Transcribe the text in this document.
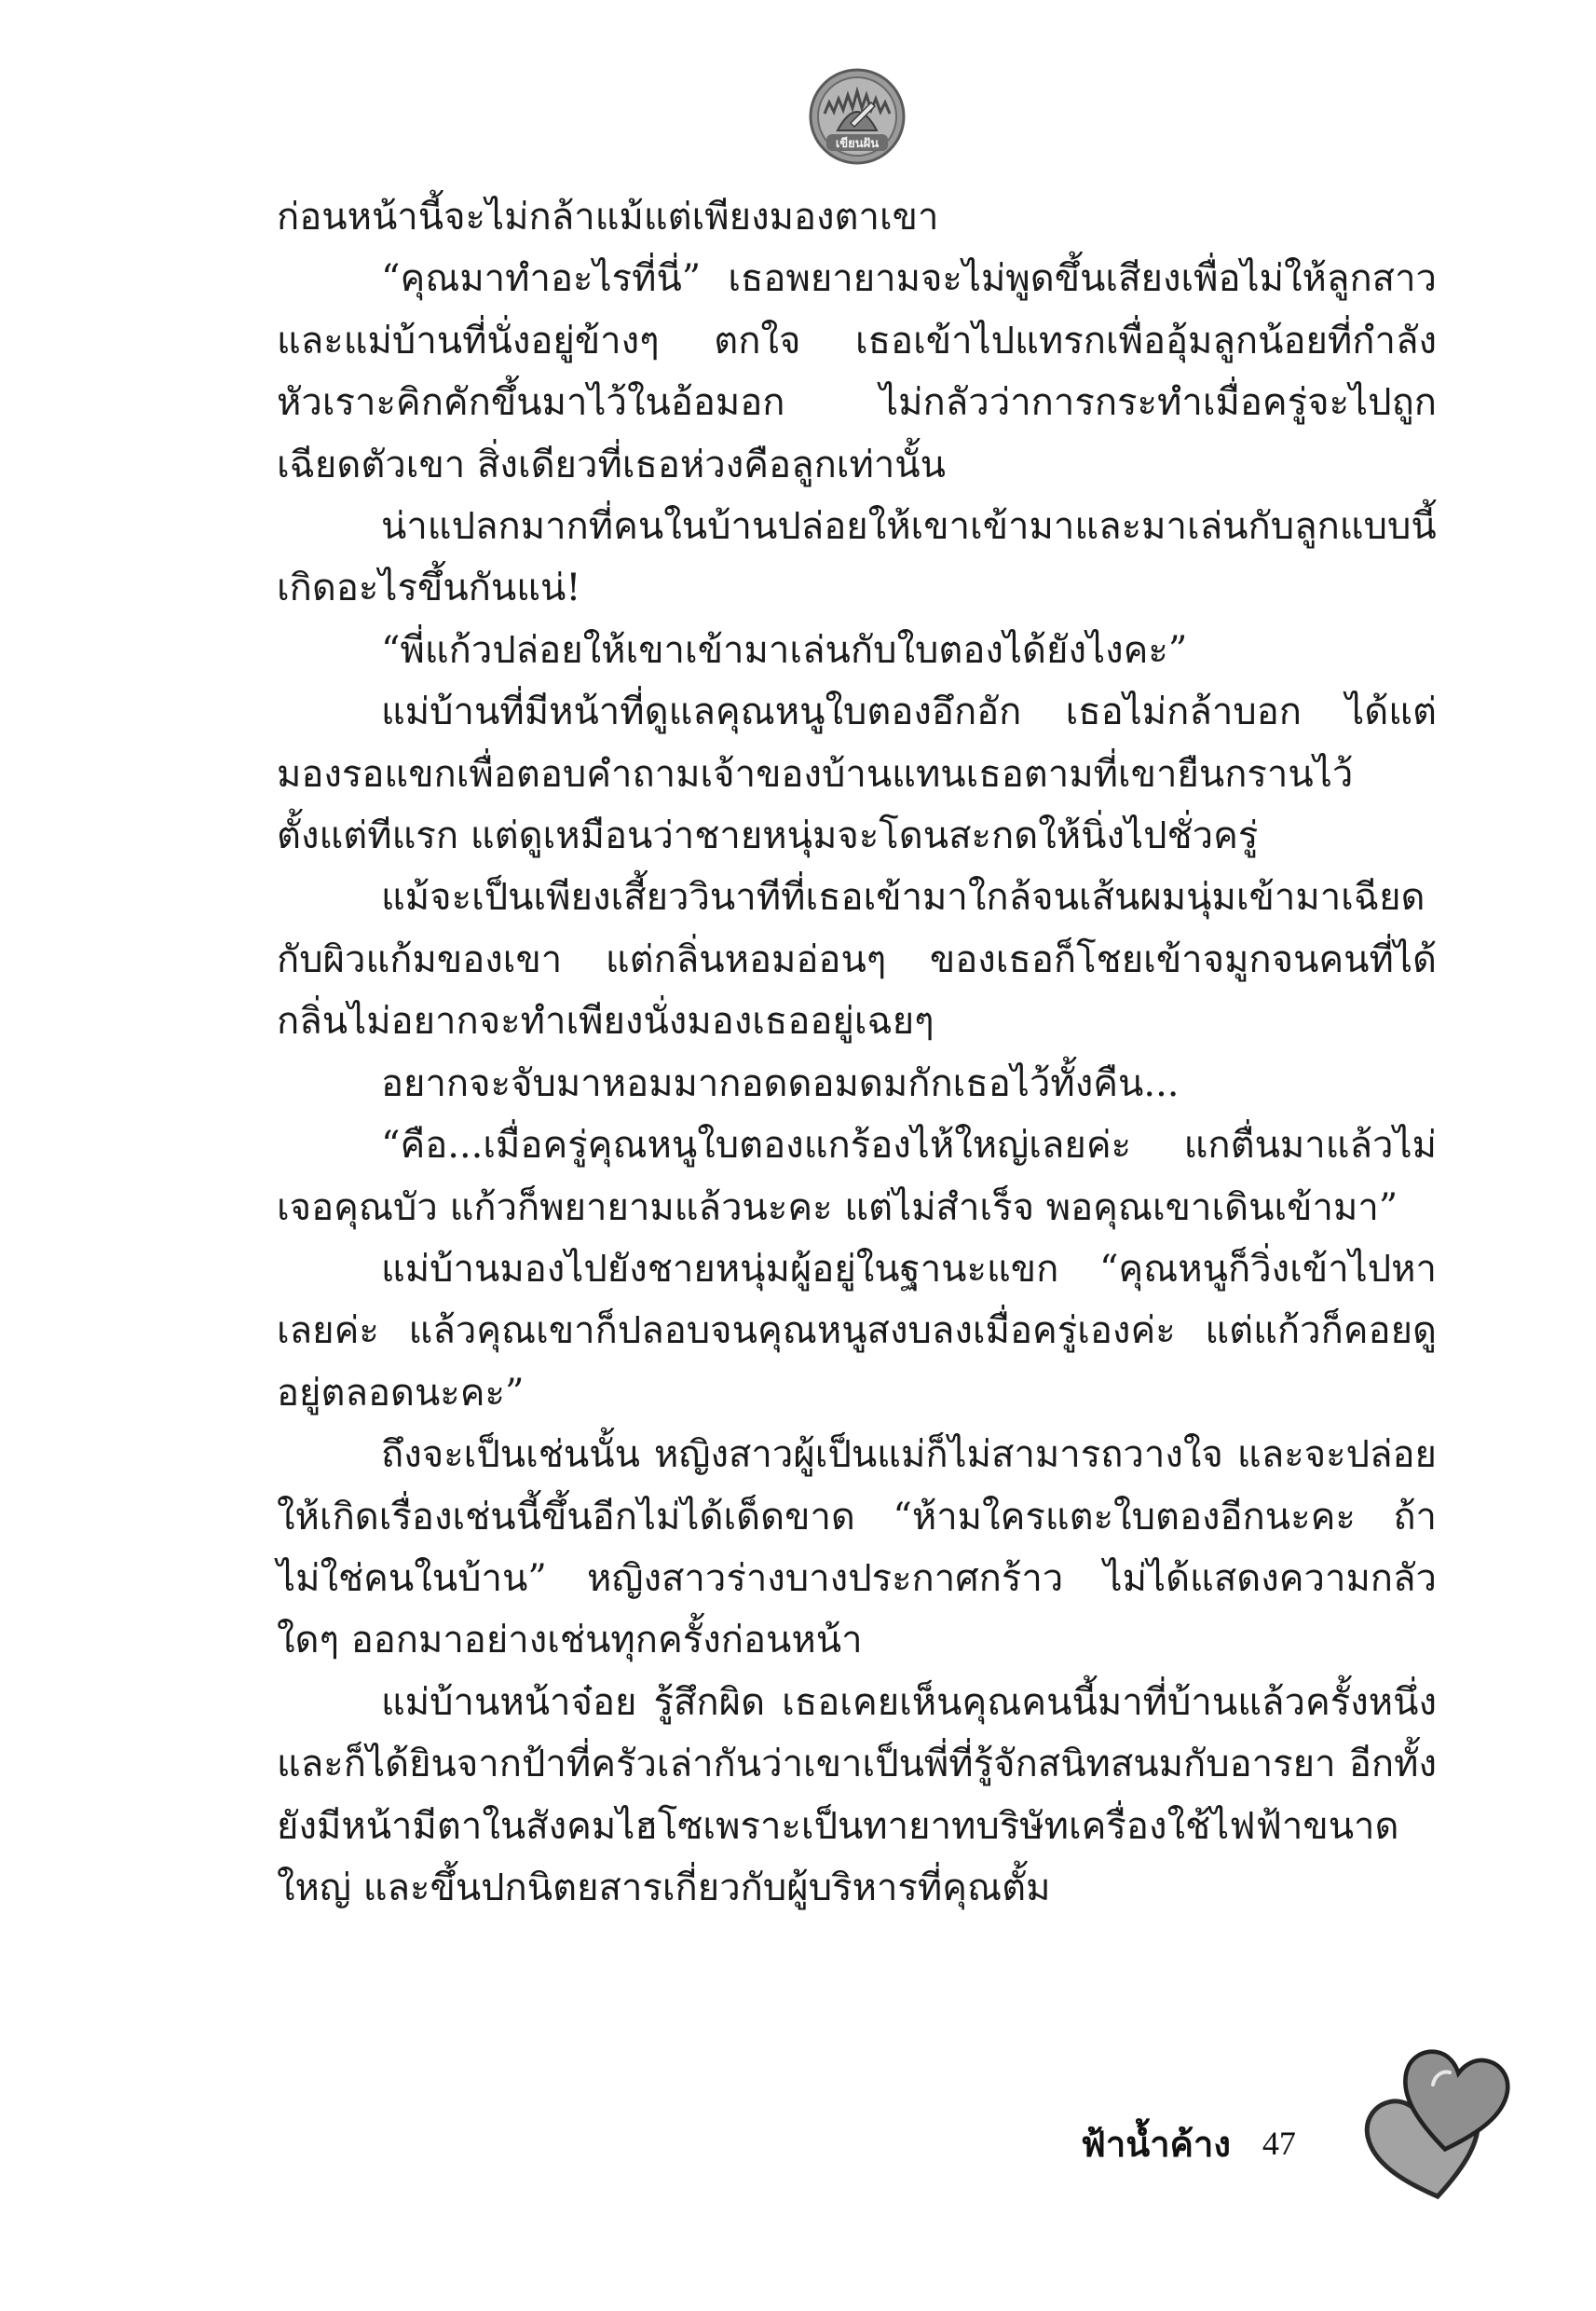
เขียนฝัน

ก่อนหน้านี้จะไม่กล้าแม้แต่เพียงมองตาเขา

“คุณมาทำอะไรที่นี่” เธอพยายามจะไม่พูดขึ้นเสียงเพื่อไม่ให้ลูกสาวและแม่บ้านที่นั่งอยู่ข้างๆ ตกใจ เธอเข้าไปแทรกเพื่ออุ้มลูกน้อยที่กำลังหัวเราะคิกคักขึ้นมาไว้ในอ้อมอก ไม่กลัวว่าการกระทำเมื่อครู่จะไปถูกเฉียดตัวเขา สิ่งเดียวที่เธอห่วงคือลูกเท่านั้น

น่าแปลกมากที่คนในบ้านปล่อยให้เขาเข้ามาและมาเล่นกับลูกแบบนี้ เกิดอะไรขึ้นกันแน่!

“พี่แก้วปล่อยให้เขาเข้ามาเล่นกับใบตองได้ยังไงคะ”

แม่บ้านที่มีหน้าที่ดูแลคุณหนูใบตองอึกอัก เธอไม่กล้าบอก ได้แต่มองรอแขกเพื่อตอบคำถามเจ้าของบ้านแทนเธอตามที่เขายืนกรานไว้ตั้งแต่ทีแรก แต่ดูเหมือนว่าชายหนุ่มจะโดนสะกดให้นิ่งไปชั่วครู่

แม้จะเป็นเพียงเสี้ยววินาทีที่เธอเข้ามาใกล้จนเส้นผมนุ่มเข้ามาเฉียดกับผิวแก้มของเขา แต่กลิ่นหอมอ่อนๆ ของเธอก็โชยเข้าจมูกจนคนที่ได้กลิ่นไม่อยากจะทำเพียงนั่งมองเธออยู่เฉยๆ

อยากจะจับมาหอมมากอดดอมดมกักเธอไว้ทั้งคืน...

“คือ...เมื่อครู่คุณหนูใบตองแกร้องไห้ใหญ่เลยค่ะ แกตื่นมาแล้วไม่เจอคุณบัว แก้วก็พยายามแล้วนะคะ แต่ไม่สำเร็จ พอคุณเขาเดินเข้ามา”

แม่บ้านมองไปยังชายหนุ่มผู้อยู่ในฐานะแขก “คุณหนูก็วิ่งเข้าไปหาเลยค่ะ แล้วคุณเขาก็ปลอบจนคุณหนูสงบลงเมื่อครู่เองค่ะ แต่แก้วก็คอยดูอยู่ตลอดนะคะ”

ถึงจะเป็นเช่นนั้น หญิงสาวผู้เป็นแม่ก็ไม่สามารถวางใจ และจะปล่อยให้เกิดเรื่องเช่นนี้ขึ้นอีกไม่ได้เด็ดขาด “ห้ามใครแตะใบตองอีกนะคะ ถ้าไม่ใช่คนในบ้าน” หญิงสาวร่างบางประกาศกร้าว ไม่ได้แสดงความกลัวใดๆ ออกมาอย่างเช่นทุกครั้งก่อนหน้า

แม่บ้านหน้าจ๋อย รู้สึกผิด เธอเคยเห็นคุณคนนี้มาที่บ้านแล้วครั้งหนึ่ง และก็ได้ยินจากป้าที่ครัวเล่ากันว่าเขาเป็นพี่ที่รู้จักสนิทสนมกับอารยา อีกทั้งยังมีหน้ามีตาในสังคมไฮโซเพราะเป็นทายาทบริษัทเครื่องใช้ไฟฟ้าขนาดใหญ่ และขึ้นปกนิตยสารเกี่ยวกับผู้บริหารที่คุณตั้ม

ฟ้าน้ำค้าง 47
